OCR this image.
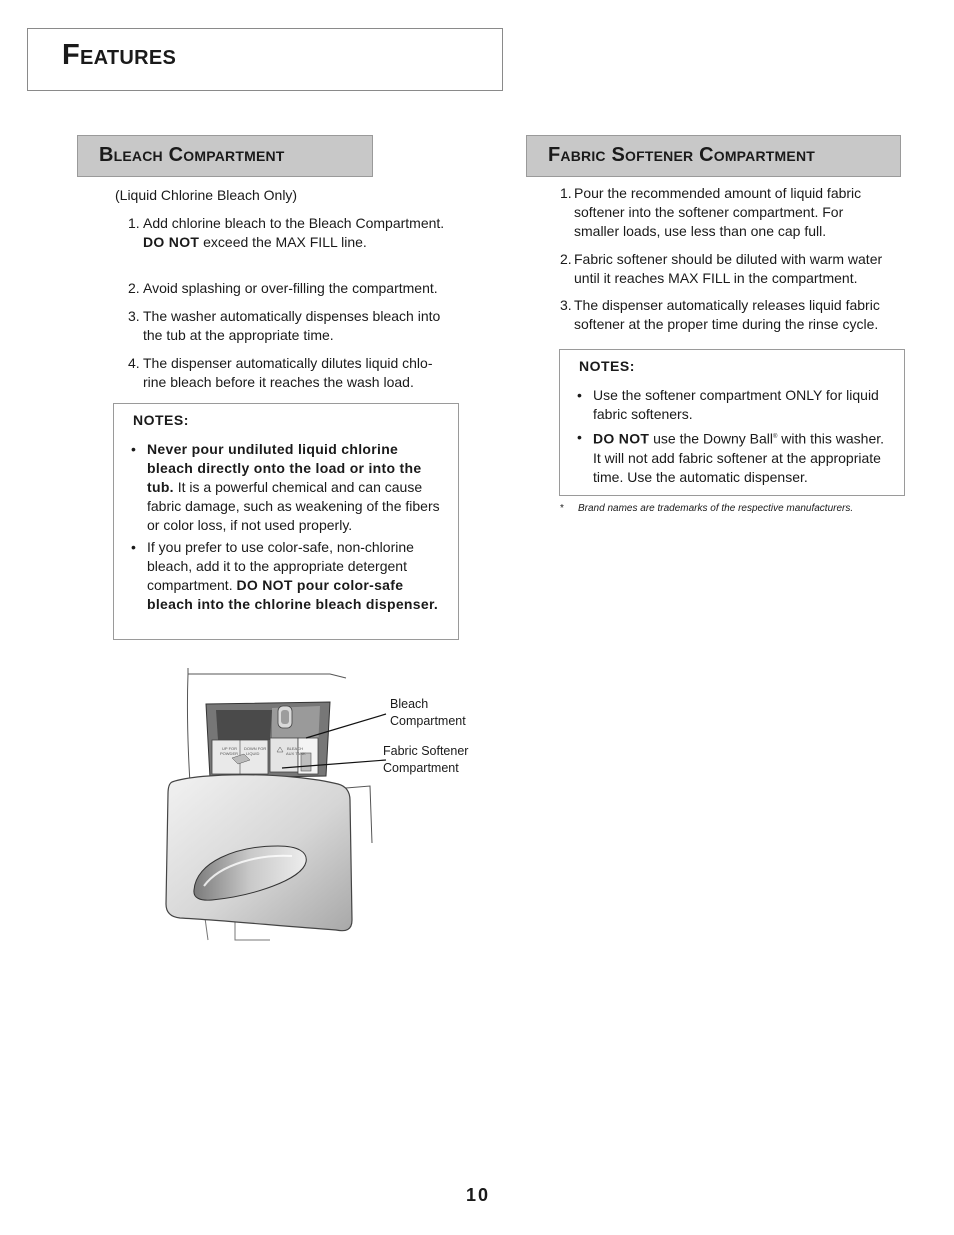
Features
Bleach Compartment	Fabric Softener Compartment
(Liquid Chlorine Bleach Only)
1. Add chlorine bleach to the Bleach Compartment. DO NOT exceed the MAX FILL line.
2. Avoid splashing or over-filling the compartment.
3. The washer automatically dispenses bleach into the tub at the appropriate time.
4. The dispenser automatically dilutes liquid chlo-rine bleach before it reaches the wash load.
NOTES:
• Never pour undiluted liquid chlorine bleach directly onto the load or into the tub. It is a powerful chemical and can cause fabric damage, such as weakening of the fibers or color loss, if not used properly.
• If you prefer to use color-safe, non-chlorine bleach, add it to the appropriate detergent compartment. DO NOT pour color-safe bleach into the chlorine bleach dispenser.
1. Pour the recommended amount of liquid fabric softener into the softener compartment. For smaller loads, use less than one cap full.
2. Fabric softener should be diluted with warm water until it reaches MAX FILL in the compartment.
3. The dispenser automatically releases liquid fabric softener at the proper time during the rinse cycle.
NOTES:
• Use the softener compartment ONLY for liquid fabric softeners.
• DO NOT use the Downy Ball® with this washer. It will not add fabric softener at the appropriate time. Use the automatic dispenser.
* Brand names are trademarks of the respective manufacturers.
UP FOR
POWDER
DOWN FOR
LIQUID
BLEACH
AUX TANK
Bleach
Compartment
Fabric Softener
Compartment
10
